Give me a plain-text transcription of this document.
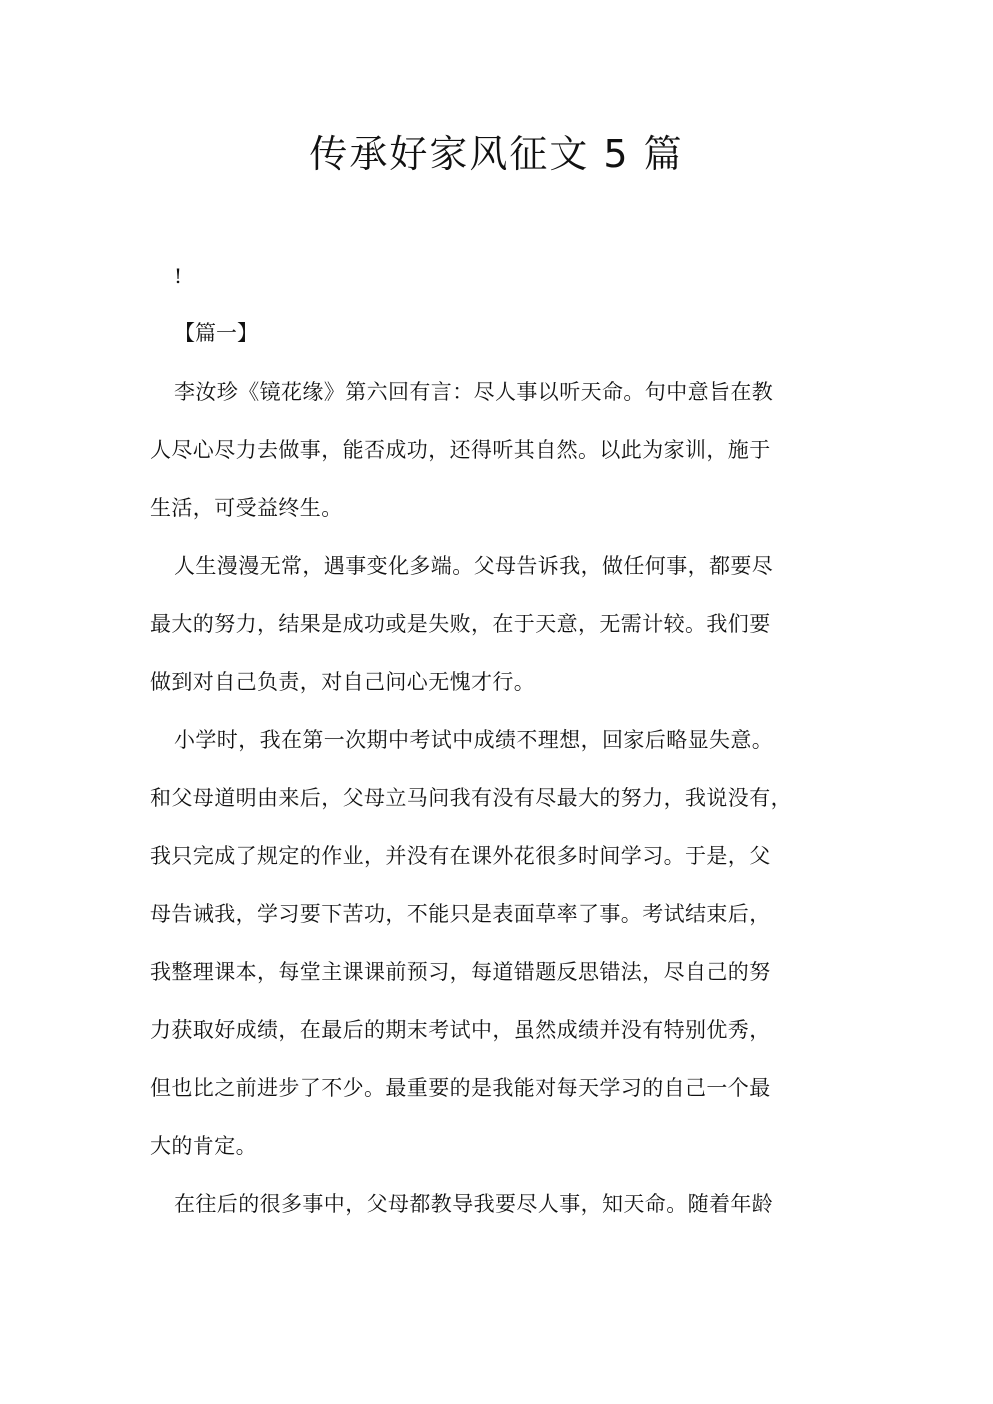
传承好家风征文 5 篇
!
【篇一】

李汝珍《镜花缘》第六回有言：尽人事以听天命。句中意旨在教
人尽心尽力去做事，能否成功，还得听其自然。以此为家训，施于
生活，可受益终生。

人生漫漫无常，遇事变化多端。父母告诉我，做任何事，都要尽
最大的努力，结果是成功或是失败，在于天意，无需计较。我们要
做到对自己负责，对自己问心无愧才行。

小学时，我在第一次期中考试中成绩不理想，回家后略显失意。
和父母道明由来后，父母立马问我有没有尽最大的努力，我说没有，
我只完成了规定的作业，并没有在课外花很多时间学习。于是，父
母告诫我，学习要下苦功，不能只是表面草率了事。考试结束后，
我整理课本，每堂主课课前预习，每道错题反思错法，尽自己的努
力获取好成绩，在最后的期末考试中，虽然成绩并没有特别优秀，
但也比之前进步了不少。最重要的是我能对每天学习的自己一个最
大的肯定。

在往后的很多事中，父母都教导我要尽人事，知天命。随着年龄
